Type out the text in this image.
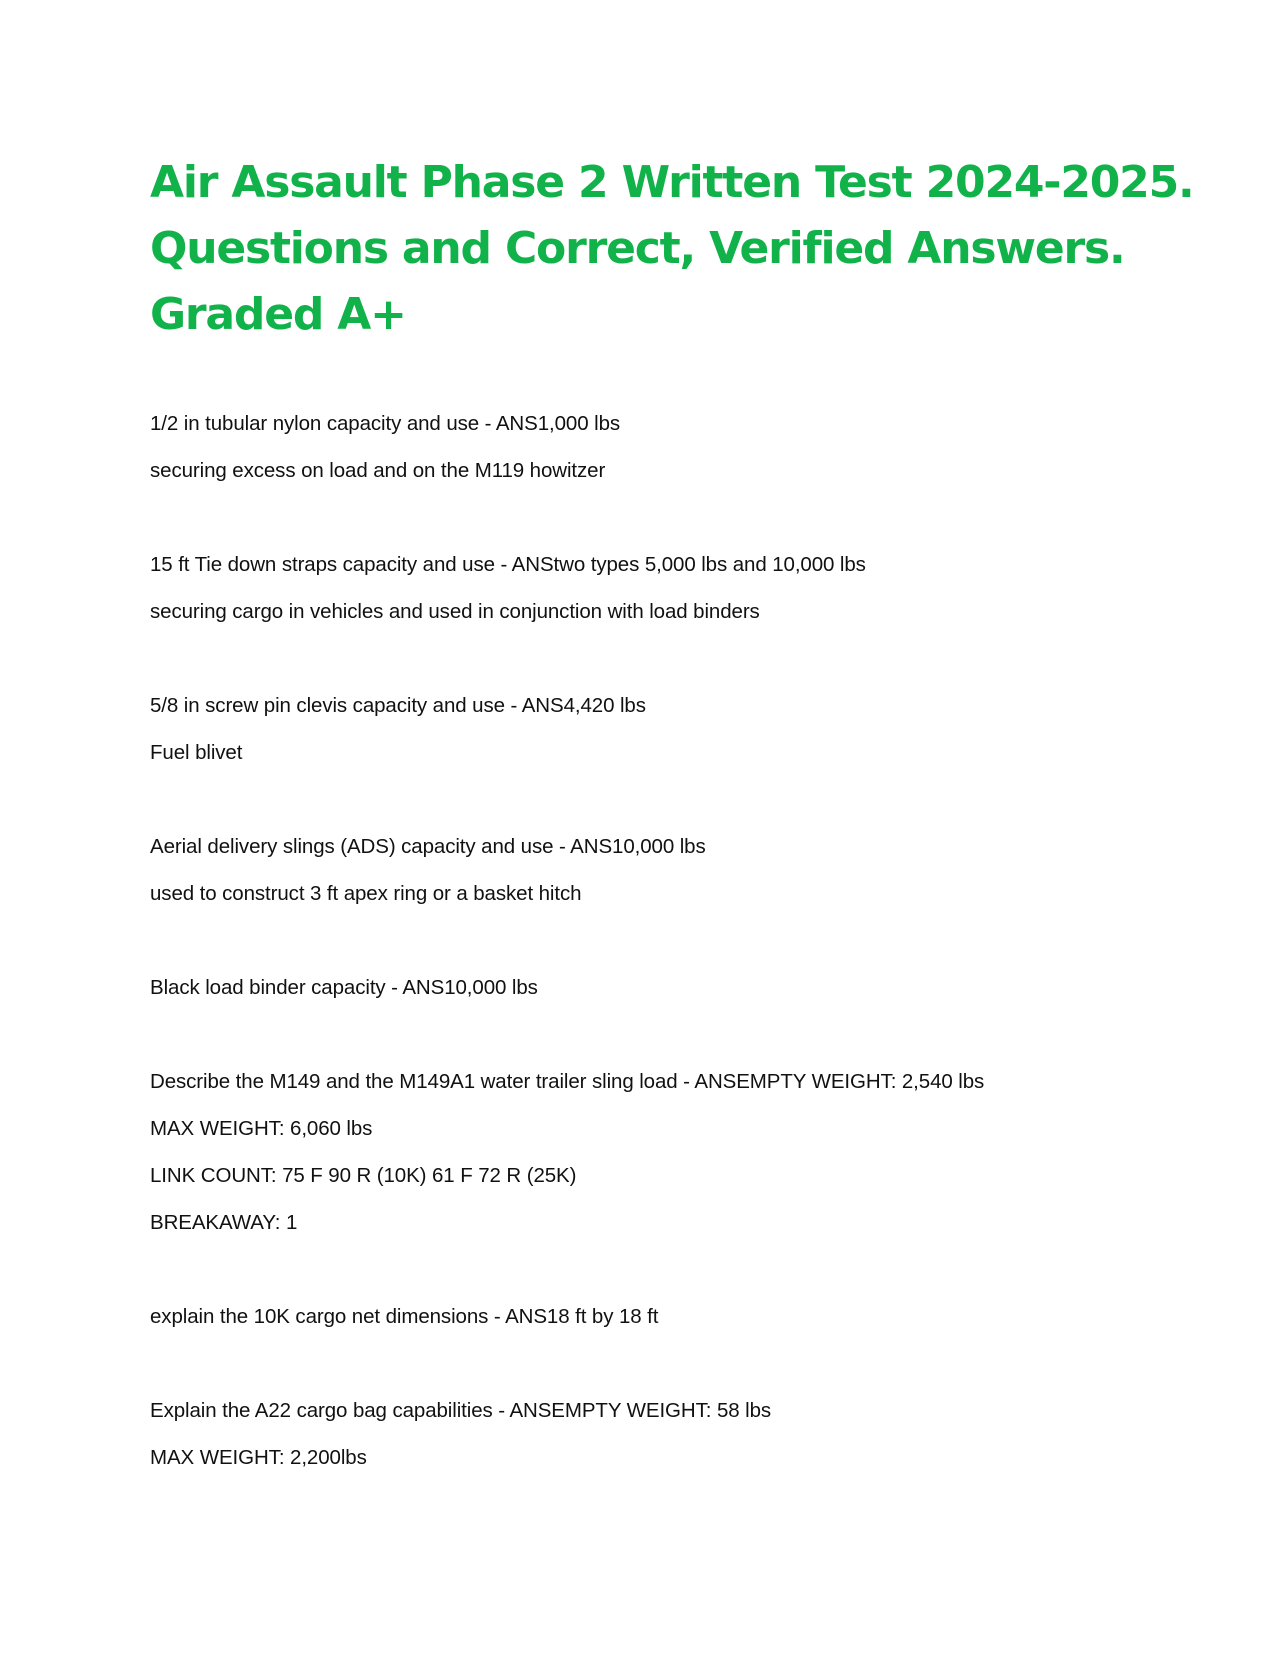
Air Assault Phase 2 Written Test 2024-2025.
Questions and Correct, Verified Answers.
Graded A+
1/2 in tubular nylon capacity and use - ANS1,000 lbs
securing excess on load and on the M119 howitzer
15 ft Tie down straps capacity and use - ANStwo types 5,000 lbs and 10,000 lbs
securing cargo in vehicles and used in conjunction with load binders
5/8 in screw pin clevis capacity and use - ANS4,420 lbs
Fuel blivet
Aerial delivery slings (ADS) capacity and use - ANS10,000 lbs
used to construct 3 ft apex ring or a basket hitch
Black load binder capacity - ANS10,000 lbs
Describe the M149 and the M149A1 water trailer sling load - ANSEMPTY WEIGHT: 2,540 lbs
MAX WEIGHT: 6,060 lbs
LINK COUNT: 75 F 90 R (10K) 61 F 72 R (25K)
BREAKAWAY: 1
explain the 10K cargo net dimensions - ANS18 ft by 18 ft
Explain the A22 cargo bag capabilities - ANSEMPTY WEIGHT: 58 lbs
MAX WEIGHT: 2,200lbs
